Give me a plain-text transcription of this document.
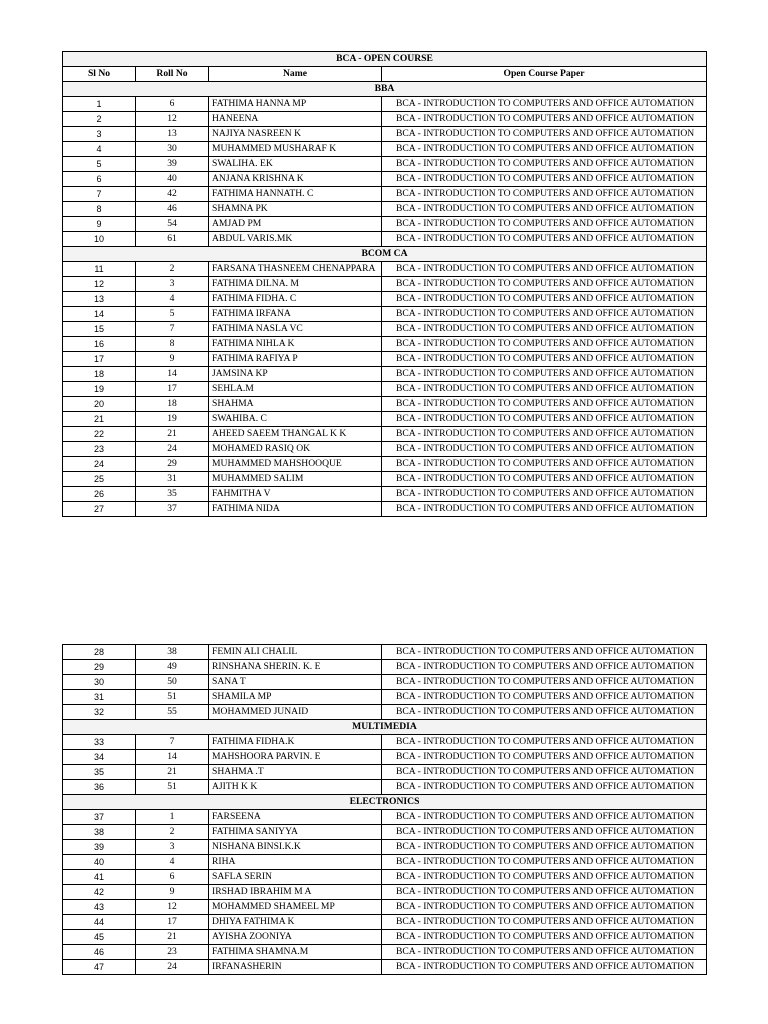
BCA - OPEN COURSE			
Sl No	Roll No	Name	Open Course Paper
BBA			
1	6	FATHIMA HANNA MP	BCA - INTRODUCTION TO COMPUTERS AND OFFICE AUTOMATION
2	12	HANEENA	BCA - INTRODUCTION TO COMPUTERS AND OFFICE AUTOMATION
3	13	NAJIYA NASREEN K	BCA - INTRODUCTION TO COMPUTERS AND OFFICE AUTOMATION
4	30	MUHAMMED MUSHARAF K	BCA - INTRODUCTION TO COMPUTERS AND OFFICE AUTOMATION
5	39	SWALIHA. EK	BCA - INTRODUCTION TO COMPUTERS AND OFFICE AUTOMATION
6	40	ANJANA KRISHNA K	BCA - INTRODUCTION TO COMPUTERS AND OFFICE AUTOMATION
7	42	FATHIMA HANNATH. C	BCA - INTRODUCTION TO COMPUTERS AND OFFICE AUTOMATION
8	46	SHAMNA PK	BCA - INTRODUCTION TO COMPUTERS AND OFFICE AUTOMATION
9	54	AMJAD PM	BCA - INTRODUCTION TO COMPUTERS AND OFFICE AUTOMATION
10	61	ABDUL VARIS.MK	BCA - INTRODUCTION TO COMPUTERS AND OFFICE AUTOMATION
BCOM CA			
11	2	FARSANA THASNEEM CHENAPPARA	BCA - INTRODUCTION TO COMPUTERS AND OFFICE AUTOMATION
12	3	FATHIMA DILNA. M	BCA - INTRODUCTION TO COMPUTERS AND OFFICE AUTOMATION
13	4	FATHIMA FIDHA. C	BCA - INTRODUCTION TO COMPUTERS AND OFFICE AUTOMATION
14	5	FATHIMA IRFANA	BCA - INTRODUCTION TO COMPUTERS AND OFFICE AUTOMATION
15	7	FATHIMA NASLA VC	BCA - INTRODUCTION TO COMPUTERS AND OFFICE AUTOMATION
16	8	FATHIMA NIHLA K	BCA - INTRODUCTION TO COMPUTERS AND OFFICE AUTOMATION
17	9	FATHIMA RAFIYA P	BCA - INTRODUCTION TO COMPUTERS AND OFFICE AUTOMATION
18	14	JAMSINA KP	BCA - INTRODUCTION TO COMPUTERS AND OFFICE AUTOMATION
19	17	SEHLA.M	BCA - INTRODUCTION TO COMPUTERS AND OFFICE AUTOMATION
20	18	SHAHMA	BCA - INTRODUCTION TO COMPUTERS AND OFFICE AUTOMATION
21	19	SWAHIBA. C	BCA - INTRODUCTION TO COMPUTERS AND OFFICE AUTOMATION
22	21	AHEED SAEEM THANGAL K K	BCA - INTRODUCTION TO COMPUTERS AND OFFICE AUTOMATION
23	24	MOHAMED RASIQ OK	BCA - INTRODUCTION TO COMPUTERS AND OFFICE AUTOMATION
24	29	MUHAMMED MAHSHOOQUE	BCA - INTRODUCTION TO COMPUTERS AND OFFICE AUTOMATION
25	31	MUHAMMED SALIM	BCA - INTRODUCTION TO COMPUTERS AND OFFICE AUTOMATION
26	35	FAHMITHA V	BCA - INTRODUCTION TO COMPUTERS AND OFFICE AUTOMATION
27	37	FATHIMA NIDA	BCA - INTRODUCTION TO COMPUTERS AND OFFICE AUTOMATION
28	38	FEMIN ALI CHALIL	BCA - INTRODUCTION TO COMPUTERS AND OFFICE AUTOMATION
29	49	RINSHANA SHERIN. K. E	BCA - INTRODUCTION TO COMPUTERS AND OFFICE AUTOMATION
30	50	SANA T	BCA - INTRODUCTION TO COMPUTERS AND OFFICE AUTOMATION
31	51	SHAMILA MP	BCA - INTRODUCTION TO COMPUTERS AND OFFICE AUTOMATION
32	55	MOHAMMED JUNAID	BCA - INTRODUCTION TO COMPUTERS AND OFFICE AUTOMATION
MULTIMEDIA			
33	7	FATHIMA FIDHA.K	BCA - INTRODUCTION TO COMPUTERS AND OFFICE AUTOMATION
34	14	MAHSHOORA PARVIN. E	BCA - INTRODUCTION TO COMPUTERS AND OFFICE AUTOMATION
35	21	SHAHMA .T	BCA - INTRODUCTION TO COMPUTERS AND OFFICE AUTOMATION
36	51	AJITH K K	BCA - INTRODUCTION TO COMPUTERS AND OFFICE AUTOMATION
ELECTRONICS			
37	1	FARSEENA	BCA - INTRODUCTION TO COMPUTERS AND OFFICE AUTOMATION
38	2	FATHIMA SANIYYA	BCA - INTRODUCTION TO COMPUTERS AND OFFICE AUTOMATION
39	3	NISHANA BINSI.K.K	BCA - INTRODUCTION TO COMPUTERS AND OFFICE AUTOMATION
40	4	RIHA	BCA - INTRODUCTION TO COMPUTERS AND OFFICE AUTOMATION
41	6	SAFLA SERIN	BCA - INTRODUCTION TO COMPUTERS AND OFFICE AUTOMATION
42	9	IRSHAD IBRAHIM M A	BCA - INTRODUCTION TO COMPUTERS AND OFFICE AUTOMATION
43	12	MOHAMMED SHAMEEL MP	BCA - INTRODUCTION TO COMPUTERS AND OFFICE AUTOMATION
44	17	DHIYA FATHIMA K	BCA - INTRODUCTION TO COMPUTERS AND OFFICE AUTOMATION
45	21	AYISHA ZOONIYA	BCA - INTRODUCTION TO COMPUTERS AND OFFICE AUTOMATION
46	23	FATHIMA SHAMNA.M	BCA - INTRODUCTION TO COMPUTERS AND OFFICE AUTOMATION
47	24	IRFANASHERIN	BCA - INTRODUCTION TO COMPUTERS AND OFFICE AUTOMATION
